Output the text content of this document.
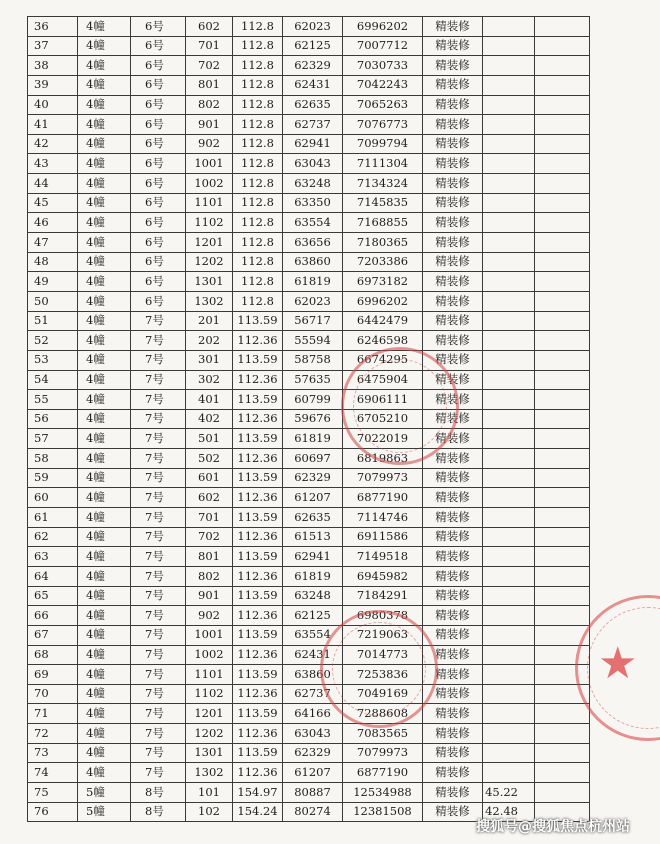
36	4幢	6号	602	112.8	62023	6996202	精装修		
37	4幢	6号	701	112.8	62125	7007712	精装修		
38	4幢	6号	702	112.8	62329	7030733	精装修		
39	4幢	6号	801	112.8	62431	7042243	精装修		
40	4幢	6号	802	112.8	62635	7065263	精装修		
41	4幢	6号	901	112.8	62737	7076773	精装修		
42	4幢	6号	902	112.8	62941	7099794	精装修		
43	4幢	6号	1001	112.8	63043	7111304	精装修		
44	4幢	6号	1002	112.8	63248	7134324	精装修		
45	4幢	6号	1101	112.8	63350	7145835	精装修		
46	4幢	6号	1102	112.8	63554	7168855	精装修		
47	4幢	6号	1201	112.8	63656	7180365	精装修		
48	4幢	6号	1202	112.8	63860	7203386	精装修		
49	4幢	6号	1301	112.8	61819	6973182	精装修		
50	4幢	6号	1302	112.8	62023	6996202	精装修		
51	4幢	7号	201	113.59	56717	6442479	精装修		
52	4幢	7号	202	112.36	55594	6246598	精装修		
53	4幢	7号	301	113.59	58758	6674295	精装修		
54	4幢	7号	302	112.36	57635	6475904	精装修		
55	4幢	7号	401	113.59	60799	6906111	精装修		
56	4幢	7号	402	112.36	59676	6705210	精装修		
57	4幢	7号	501	113.59	61819	7022019	精装修		
58	4幢	7号	502	112.36	60697	6819863	精装修		
59	4幢	7号	601	113.59	62329	7079973	精装修		
60	4幢	7号	602	112.36	61207	6877190	精装修		
61	4幢	7号	701	113.59	62635	7114746	精装修		
62	4幢	7号	702	112.36	61513	6911586	精装修		
63	4幢	7号	801	113.59	62941	7149518	精装修		
64	4幢	7号	802	112.36	61819	6945982	精装修		
65	4幢	7号	901	113.59	63248	7184291	精装修		
66	4幢	7号	902	112.36	62125	6980378	精装修		
67	4幢	7号	1001	113.59	63554	7219063	精装修		
68	4幢	7号	1002	112.36	62431	7014773	精装修		
69	4幢	7号	1101	113.59	63860	7253836	精装修		
70	4幢	7号	1102	112.36	62737	7049169	精装修		
71	4幢	7号	1201	113.59	64166	7288608	精装修		
72	4幢	7号	1202	112.36	63043	7083565	精装修		
73	4幢	7号	1301	113.59	62329	7079973	精装修		
74	4幢	7号	1302	112.36	61207	6877190	精装修		
75	5幢	8号	101	154.97	80887	12534988	精装修	45.22	
76	5幢	8号	102	154.24	80274	12381508	精装修	42.48	
★
搜狐号@搜狐焦点杭州站
